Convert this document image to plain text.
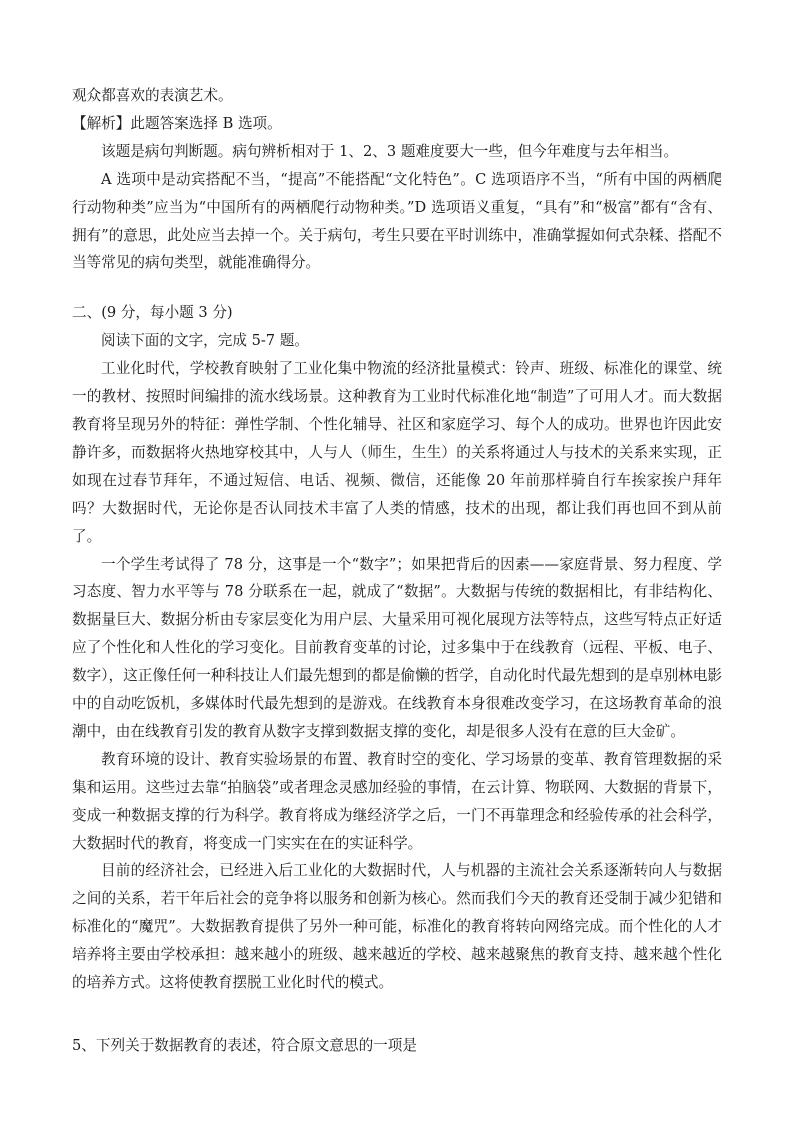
观众都喜欢的表演艺术。

【解析】此题答案选择 B 选项。

该题是病句判断题。病句辨析相对于 1、2、3 题难度要大一些，但今年难度与去年相当。

A 选项中是动宾搭配不当，“提高”不能搭配“文化特色”。C 选项语序不当，“所有中国的两栖爬行动物种类”应当为“中国所有的两栖爬行动物种类。”D 选项语义重复，“具有”和“极富”都有“含有、拥有”的意思，此处应当去掉一个。关于病句，考生只要在平时训练中，准确掌握如何式杂糅、搭配不当等常见的病句类型，就能准确得分。

二、(9 分，每小题 3 分)

阅读下面的文字，完成 5-7 题。

工业化时代，学校教育映射了工业化集中物流的经济批量模式：铃声、班级、标准化的课堂、统一的教材、按照时间编排的流水线场景。这种教育为工业时代标准化地“制造”了可用人才。而大数据教育将呈现另外的特征：弹性学制、个性化辅导、社区和家庭学习、每个人的成功。世界也许因此安静许多，而数据将火热地穿校其中，人与人（师生，生生）的关系将通过人与技术的关系来实现，正如现在过春节拜年，不通过短信、电话、视频、微信，还能像 20 年前那样骑自行车挨家挨户拜年吗？大数据时代，无论你是否认同技术丰富了人类的情感，技术的出现，都让我们再也回不到从前了。

一个学生考试得了 78 分，这事是一个“数字”；如果把背后的因素——家庭背景、努力程度、学习态度、智力水平等与 78 分联系在一起，就成了“数据”。大数据与传统的数据相比，有非结构化、数据量巨大、数据分析由专家层变化为用户层、大量采用可视化展现方法等特点，这些写特点正好适应了个性化和人性化的学习变化。目前教育变革的讨论，过多集中于在线教育（远程、平板、电子、数字），这正像任何一种科技让人们最先想到的都是偷懒的哲学，自动化时代最先想到的是卓别林电影中的自动吃饭机，多媒体时代最先想到的是游戏。在线教育本身很难改变学习，在这场教育革命的浪潮中，由在线教育引发的教育从数字支撑到数据支撑的变化，却是很多人没有在意的巨大金矿。

教育环境的设计、教育实验场景的布置、教育时空的变化、学习场景的变革、教育管理数据的采集和运用。这些过去靠“拍脑袋”或者理念灵感加经验的事情，在云计算、物联网、大数据的背景下，变成一种数据支撑的行为科学。教育将成为继经济学之后，一门不再靠理念和经验传承的社会科学，大数据时代的教育，将变成一门实实在在的实证科学。

目前的经济社会，已经进入后工业化的大数据时代，人与机器的主流社会关系逐渐转向人与数据之间的关系，若干年后社会的竞争将以服务和创新为核心。然而我们今天的教育还受制于减少犯错和标准化的“魔咒”。大数据教育提供了另外一种可能，标准化的教育将转向网络完成。而个性化的人才培养将主要由学校承担：越来越小的班级、越来越近的学校、越来越聚焦的教育支持、越来越个性化的培养方式。这将使教育摆脱工业化时代的模式。

5、下列关于数据教育的表述，符合原文意思的一项是
